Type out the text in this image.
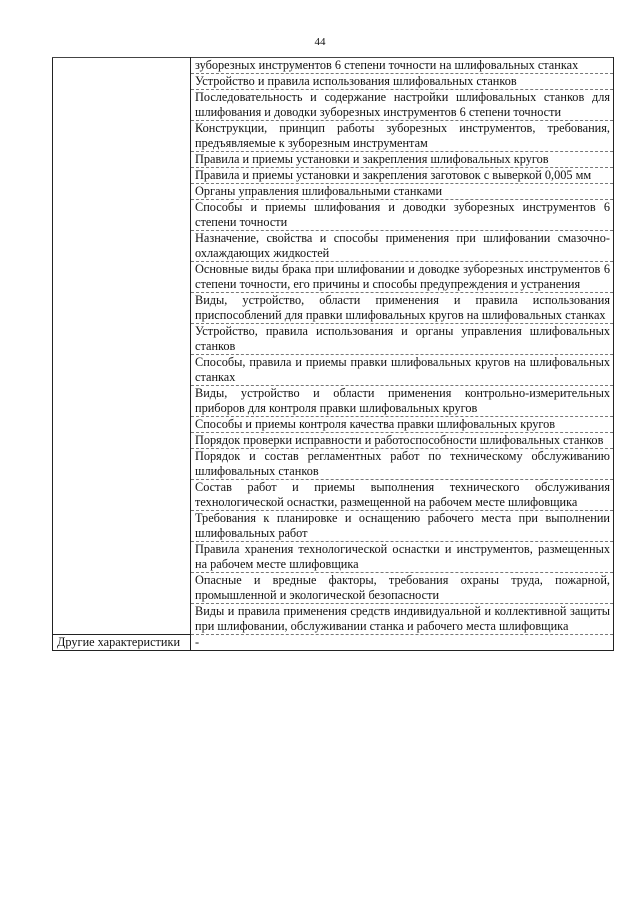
44
	зуборезных инструментов 6 степени точности на шлифовальных станках
	Устройство и правила использования шлифовальных станков
	Последовательность и содержание настройки шлифовальных станков для шлифования и доводки зуборезных инструментов 6 степени точности
	Конструкции, принцип работы зуборезных инструментов, требования, предъявляемые к зуборезным инструментам
	Правила и приемы установки и закрепления шлифовальных кругов
	Правила и приемы установки и закрепления заготовок с выверкой 0,005 мм
	Органы управления шлифовальными станками
	Способы и приемы шлифования и доводки зуборезных инструментов 6 степени точности
	Назначение, свойства и способы применения при шлифовании смазочно-охлаждающих жидкостей
	Основные виды брака при шлифовании и доводке зуборезных инструментов 6 степени точности, его причины и способы предупреждения и устранения
	Виды, устройство, области применения и правила использования приспособлений для правки шлифовальных кругов на шлифовальных станках
	Устройство, правила использования и органы управления шлифовальных станков
	Способы, правила и приемы правки шлифовальных кругов на шлифовальных станках
	Виды, устройство и области применения контрольно-измерительных приборов для контроля правки шлифовальных кругов
	Способы и приемы контроля качества правки шлифовальных кругов
	Порядок проверки исправности и работоспособности шлифовальных станков
	Порядок и состав регламентных работ по техническому обслуживанию шлифовальных станков
	Состав работ и приемы выполнения технического обслуживания технологической оснастки, размещенной на рабочем месте шлифовщика
	Требования к планировке и оснащению рабочего места при выполнении шлифовальных работ
	Правила хранения технологической оснастки и инструментов, размещенных на рабочем месте шлифовщика
	Опасные и вредные факторы, требования охраны труда, пожарной, промышленной и экологической безопасности
	Виды и правила применения средств индивидуальной и коллективной защиты при шлифовании, обслуживании станка и рабочего места шлифовщика
Другие характеристики	-
